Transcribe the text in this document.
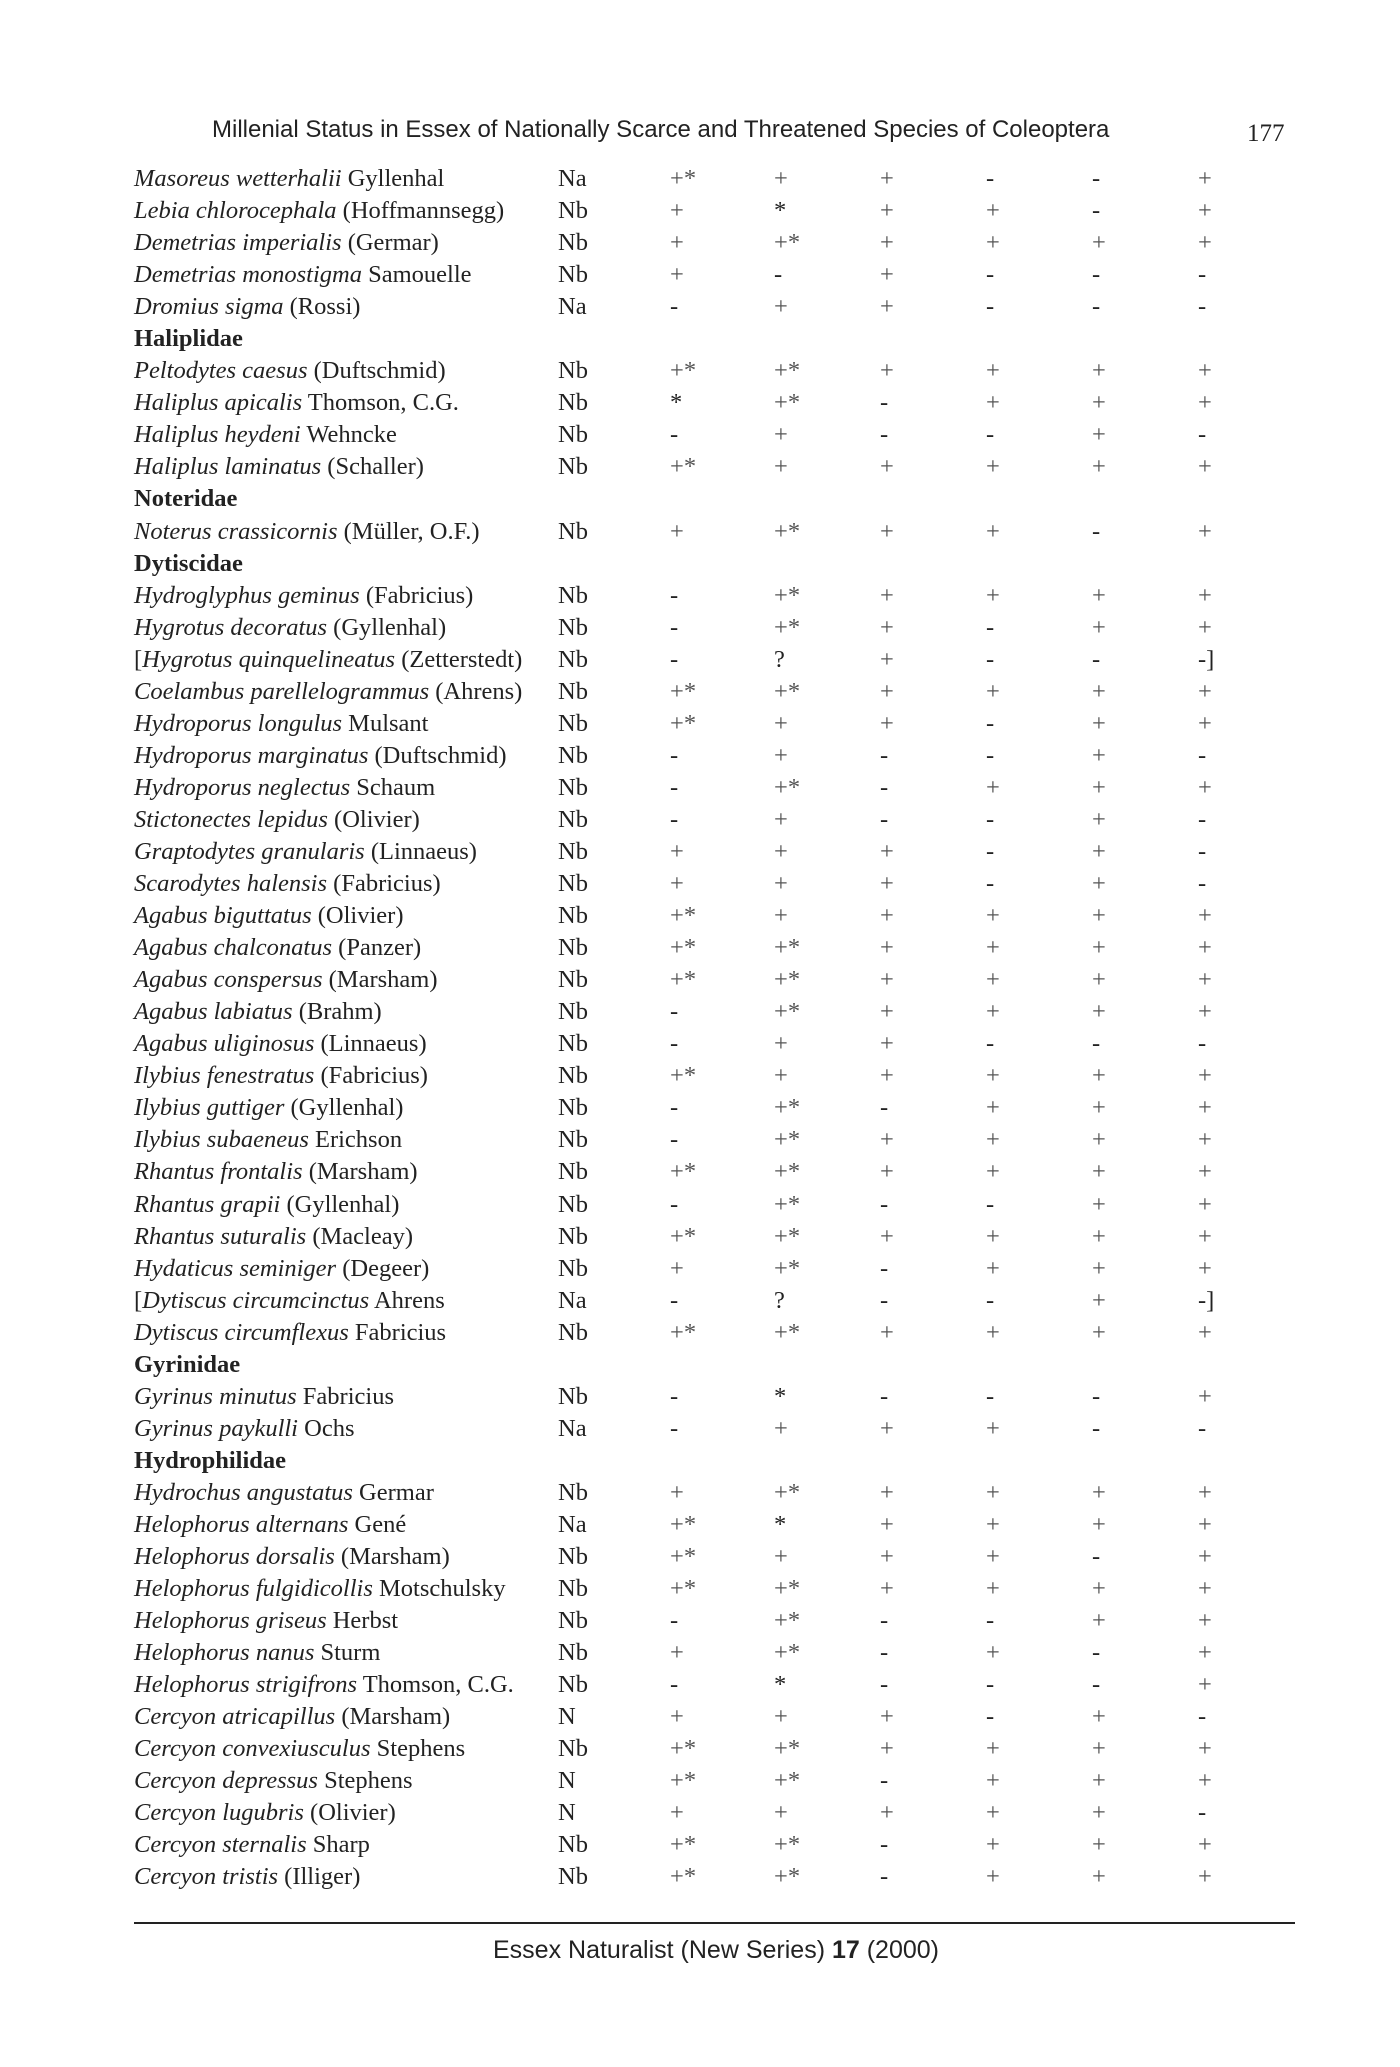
Millenial Status in Essex of Nationally Scarce and Threatened Species of Coleoptera	177
Masoreus wetterhalii Gyllenhal	Na	+*	+	+	-	-	+
Lebia chlorocephala (Hoffmannsegg) Nb	+	*	+	+	-	+
Demetrias imperialis (Germar)	Nb	+	+*	+	+	+	+
Demetrias monostigma Samouelle	Nb	+	-	+	-	-	-
Dromius sigma (Rossi)	Na	-	+	+	-	-	-
Haliplidae
Peltodytes caesus (Duftschmid)	Nb	+*	+*	+	+	+	+
Haliplus apicalis Thomson, C.G.	Nb	*	+*	-	+	+	+
Haliplus heydeni Wehncke	Nb	-	+	-	-	+	-
Haliplus laminatus (Schaller)	Nb	+*	+	+	+	+	+
Noteridae
Noterus crassicornis (Müller, O.F.)	Nb	+	+*	+	+	-	+
Dytiscidae
Hydroglyphus geminus (Fabricius)	Nb	-	+*	+	+	+	+
Hygrotus decoratus (Gyllenhal)	Nb	-	+*	+	-	+	+
[Hygrotus quinquelineatus (Zetterstedt) Nb	-	?	+	-	-	-]
Coelambus parellelogrammus (Ahrens) Nb	+*	+*	+	+	+	+
Hydroporus longulus Mulsant	Nb	+*	+	+	-	+	+
Hydroporus marginatus (Duftschmid) Nb	-	+	-	-	+	-
Hydroporus neglectus Schaum	Nb	-	+*	-	+	+	+
Stictonectes lepidus (Olivier)	Nb	-	+	-	-	+	-
Graptodytes granularis (Linnaeus)	Nb	+	+	+	-	+	-
Scarodytes halensis (Fabricius)	Nb	+	+	+	-	+	-
Agabus biguttatus (Olivier)	Nb	+*	+	+	+	+	+
Agabus chalconatus (Panzer)	Nb	+*	+*	+	+	+	+
Agabus conspersus (Marsham)	Nb	+*	+*	+	+	+	+
Agabus labiatus (Brahm)	Nb	-	+*	+	+	+	+
Agabus uliginosus (Linnaeus)	Nb	-	+	+	-	-	-
Ilybius fenestratus (Fabricius)	Nb	+*	+	+	+	+	+
Ilybius guttiger (Gyllenhal)	Nb	-	+*	-	+	+	+
Ilybius subaeneus Erichson	Nb	-	+*	+	+	+	+
Rhantus frontalis (Marsham)	Nb	+*	+*	+	+	+	+
Rhantus grapii (Gyllenhal)	Nb	-	+*	-	-	+	+
Rhantus suturalis (Macleay)	Nb	+*	+*	+	+	+	+
Hydaticus seminiger (Degeer)	Nb	+	+*	-	+	+	+
[Dytiscus circumcinctus Ahrens	Na	-	?	-	-	+	-]
Dytiscus circumflexus Fabricius	Nb	+*	+*	+	+	+	+
Gyrinidae
Gyrinus minutus Fabricius	Nb	-	*	-	-	-	+
Gyrinus paykulli Ochs	Na	-	+	+	+	-	-
Hydrophilidae
Hydrochus angustatus Germar	Nb	+	+*	+	+	+	+
Helophorus alternans Gené	Na	+*	*	+	+	+	+
Helophorus dorsalis (Marsham)	Nb	+*	+	+	+	-	+
Helophorus fulgidicollis Motschulsky Nb	+*	+*	+	+	+	+
Helophorus griseus Herbst	Nb	-	+*	-	-	+	+
Helophorus nanus Sturm	Nb	+	+*	-	+	-	+
Helophorus strigifrons Thomson, C.G. Nb	-	*	-	-	-	+
Cercyon atricapillus (Marsham)	N	+	+	+	-	+	-
Cercyon convexiusculus Stephens	Nb	+*	+*	+	+	+	+
Cercyon depressus Stephens	N	+*	+*	-	+	+	+
Cercyon lugubris (Olivier)	N	+	+	+	+	+	-
Cercyon sternalis Sharp	Nb	+*	+*	-	+	+	+
Cercyon tristis (Illiger)	Nb	+*	+*	-	+	+	+
Essex Naturalist (New Series) 17 (2000)
